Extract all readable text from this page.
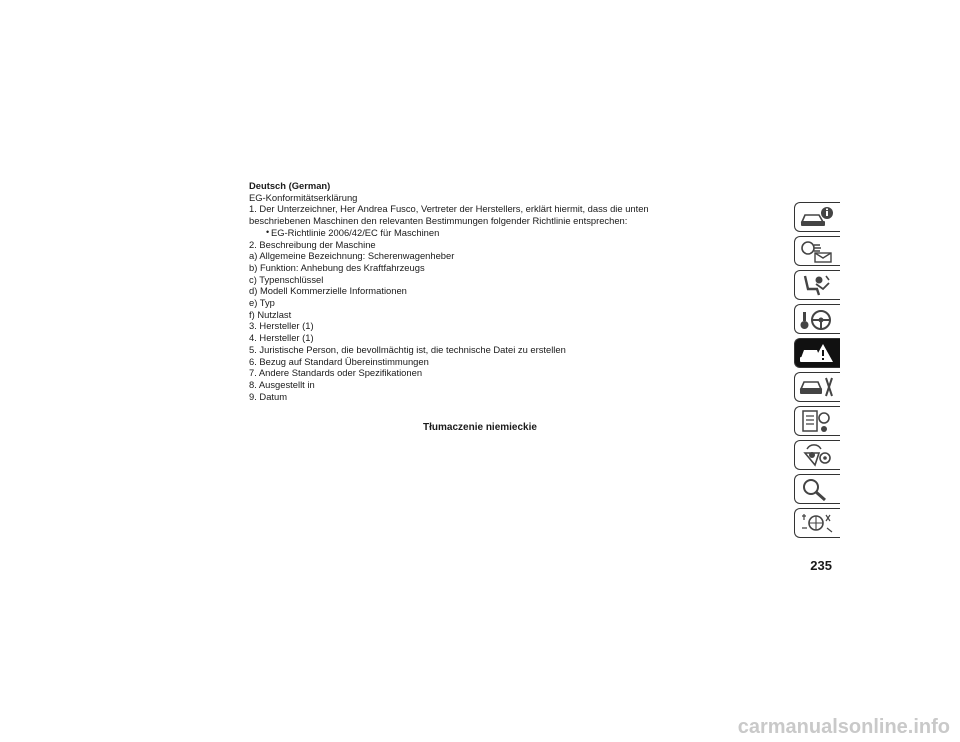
Deutsch (German)
EG-Konformitätserklärung
1. Der Unterzeichner, Her Andrea Fusco, Vertreter der Herstellers, erklärt hiermit, dass die unten
beschriebenen Maschinen den relevanten Bestimmungen folgender Richtlinie entsprechen:
• EG-Richtlinie 2006/42/EC für Maschinen
2. Beschreibung der Maschine
a) Allgemeine Bezeichnung: Scherenwagenheber
b) Funktion: Anhebung des Kraftfahrzeugs
c) Typenschlüssel
d) Modell Kommerzielle Informationen
e) Typ
f) Nutzlast
3. Hersteller (1)
4. Hersteller (1)
5. Juristische Person, die bevollmächtig ist, die technische Datei zu erstellen
6. Bezug auf Standard Übereinstimmungen
7. Andere Standards oder Spezifikationen
8. Ausgestellt in
9. Datum
Tłumaczenie niemieckie
235
carmanualsonline.info
